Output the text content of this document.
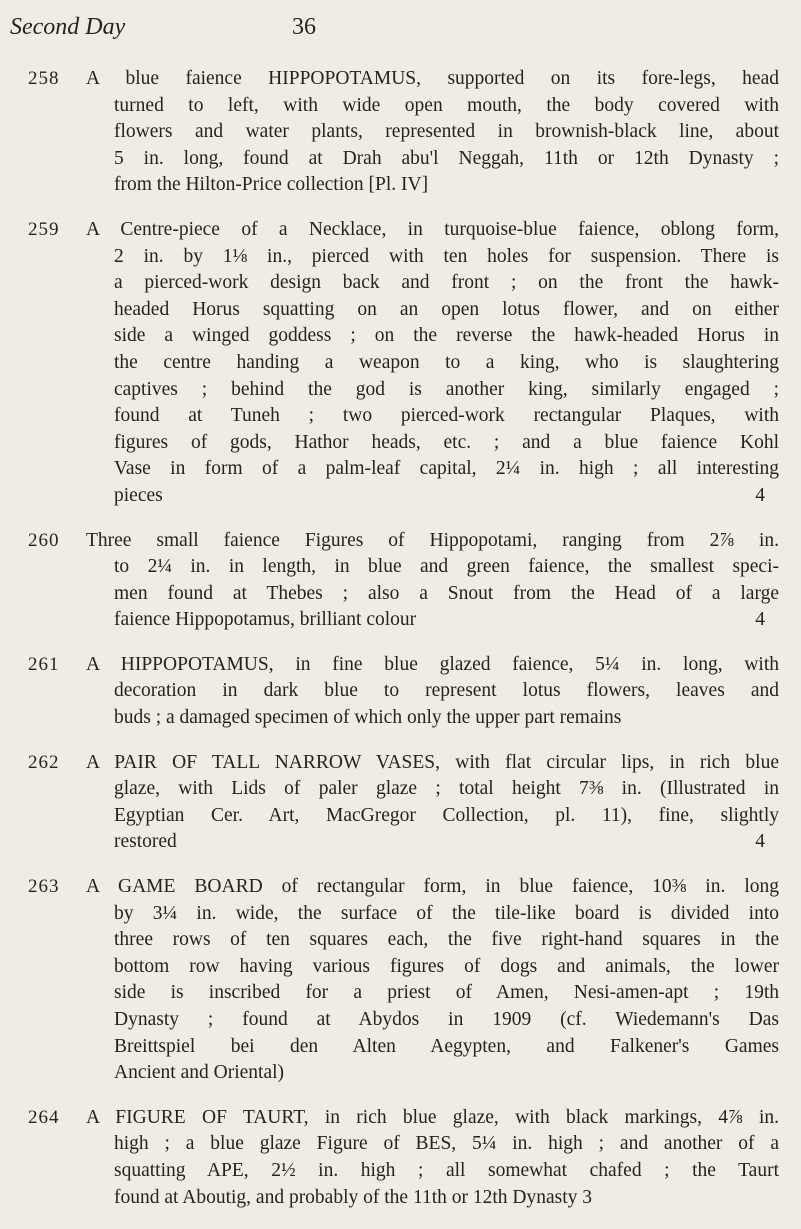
Second Day	36
258 A blue faience HIPPOPOTAMUS, supported on its fore-legs, head
turned to left, with wide open mouth, the body covered with
flowers and water plants, represented in brownish-black line, about
5 in. long, found at Drah abu'l Neggah, 11th or 12th Dynasty ;
from the Hilton-Price collection [Pl. IV]
259 A Centre-piece of a Necklace, in turquoise-blue faience, oblong form,
2 in. by 1⅛ in., pierced with ten holes for suspension. There is
a pierced-work design back and front ; on the front the hawk-
headed Horus squatting on an open lotus flower, and on either
side a winged goddess ; on the reverse the hawk-headed Horus in
the centre handing a weapon to a king, who is slaughtering
captives ; behind the god is another king, similarly engaged ;
found at Tuneh ; two pierced-work rectangular Plaques, with
figures of gods, Hathor heads, etc. ; and a blue faience Kohl
Vase in form of a palm-leaf capital, 2¼ in. high ; all interesting
pieces	4
260 Three small faience Figures of Hippopotami, ranging from 2⅞ in.
to 2¼ in. in length, in blue and green faience, the smallest speci-
men found at Thebes ; also a Snout from the Head of a large
faience Hippopotamus, brilliant colour	4
261 A HIPPOPOTAMUS, in fine blue glazed faience, 5¼ in. long, with
decoration in dark blue to represent lotus flowers, leaves and
buds ; a damaged specimen of which only the upper part remains
262 A PAIR OF TALL NARROW VASES, with flat circular lips, in rich blue
glaze, with Lids of paler glaze ; total height 7⅜ in. (Illustrated in
Egyptian Cer. Art, MacGregor Collection, pl. 11), fine, slightly
restored	4
263 A GAME BOARD of rectangular form, in blue faience, 10⅜ in. long
by 3¼ in. wide, the surface of the tile-like board is divided into
three rows of ten squares each, the five right-hand squares in the
bottom row having various figures of dogs and animals, the lower
side is inscribed for a priest of Amen, Nesi-amen-apt ; 19th
Dynasty ; found at Abydos in 1909 (cf. Wiedemann's Das
Breittspiel bei den Alten Aegypten, and Falkener's Games
Ancient and Oriental)
264 A FIGURE OF TAURT, in rich blue glaze, with black markings, 4⅞ in.
high ; a blue glaze Figure of BES, 5¼ in. high ; and another of a
squatting APE, 2½ in. high ; all somewhat chafed ; the Taurt
found at Aboutig, and probably of the 11th or 12th Dynasty 3
